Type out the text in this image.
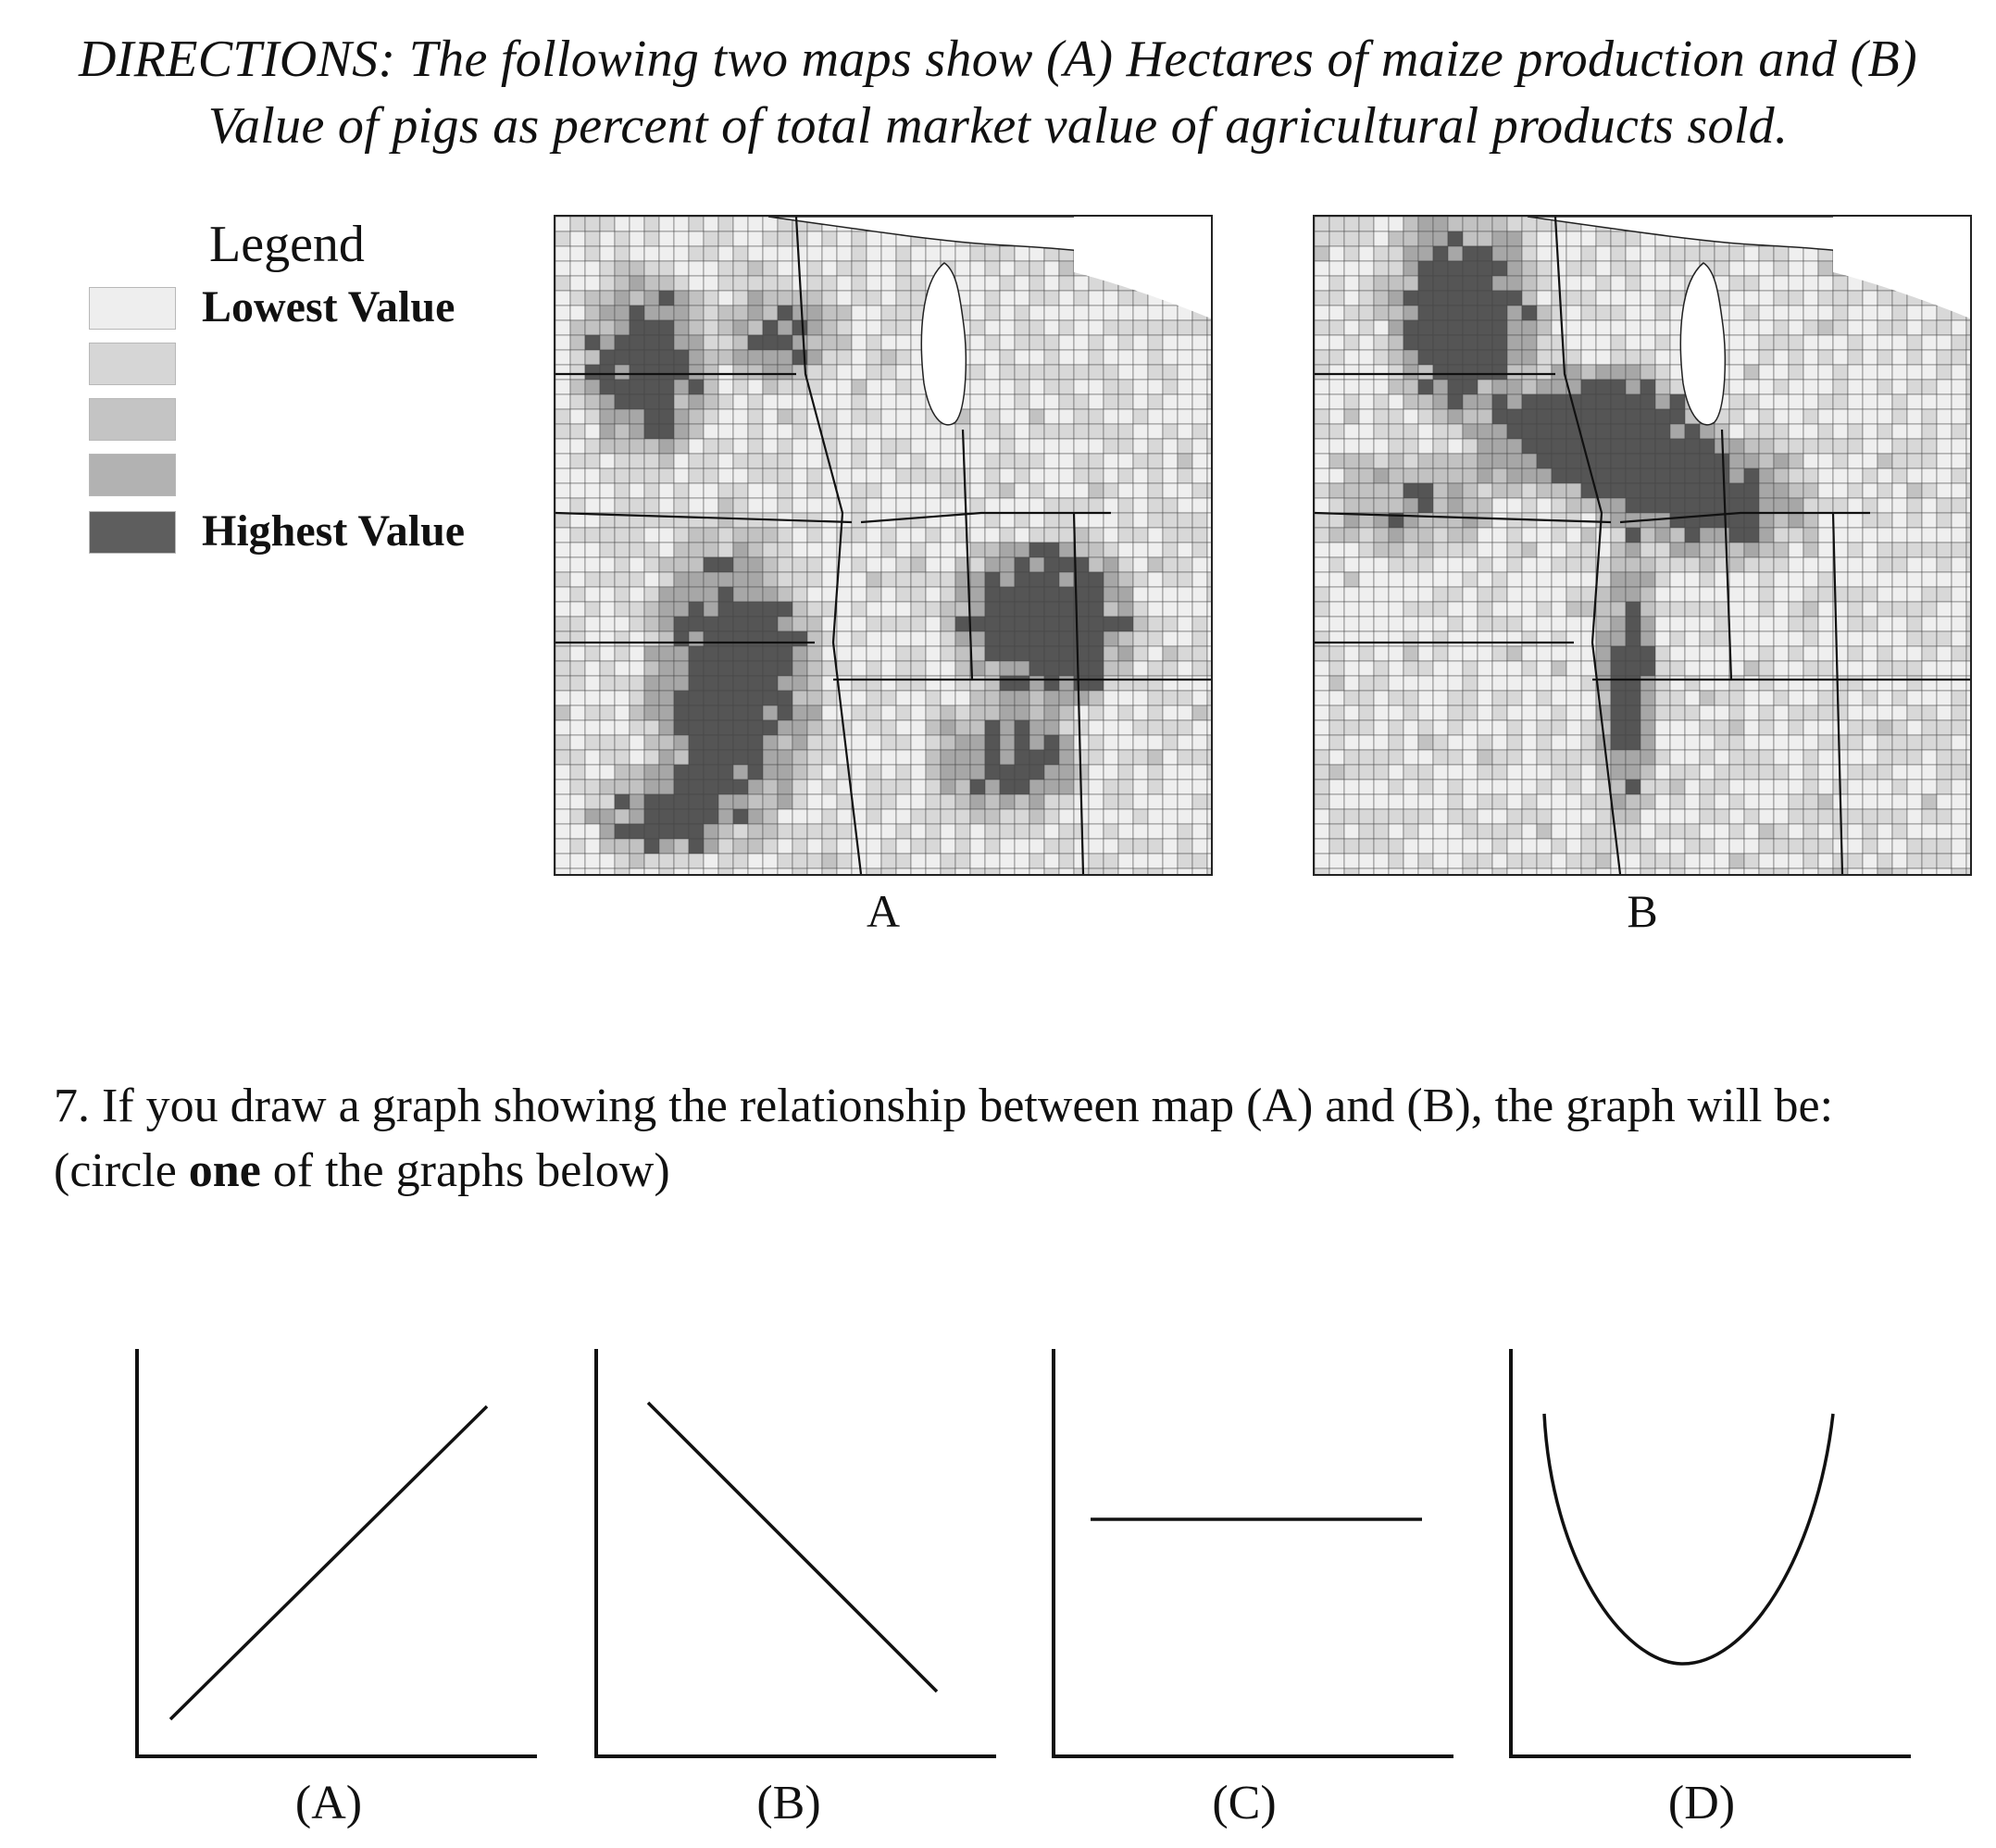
DIRECTIONS: The following two maps show (A) Hectares of maize production and (B)
Value of pigs as percent of total market value of agricultural products sold.
Legend
Lowest Value
Highest Value
A	B
7. If you draw a graph showing the relationship between map (A) and (B), the graph will be: (circle one of the graphs below)
(A)	(B)	(C)	(D)
